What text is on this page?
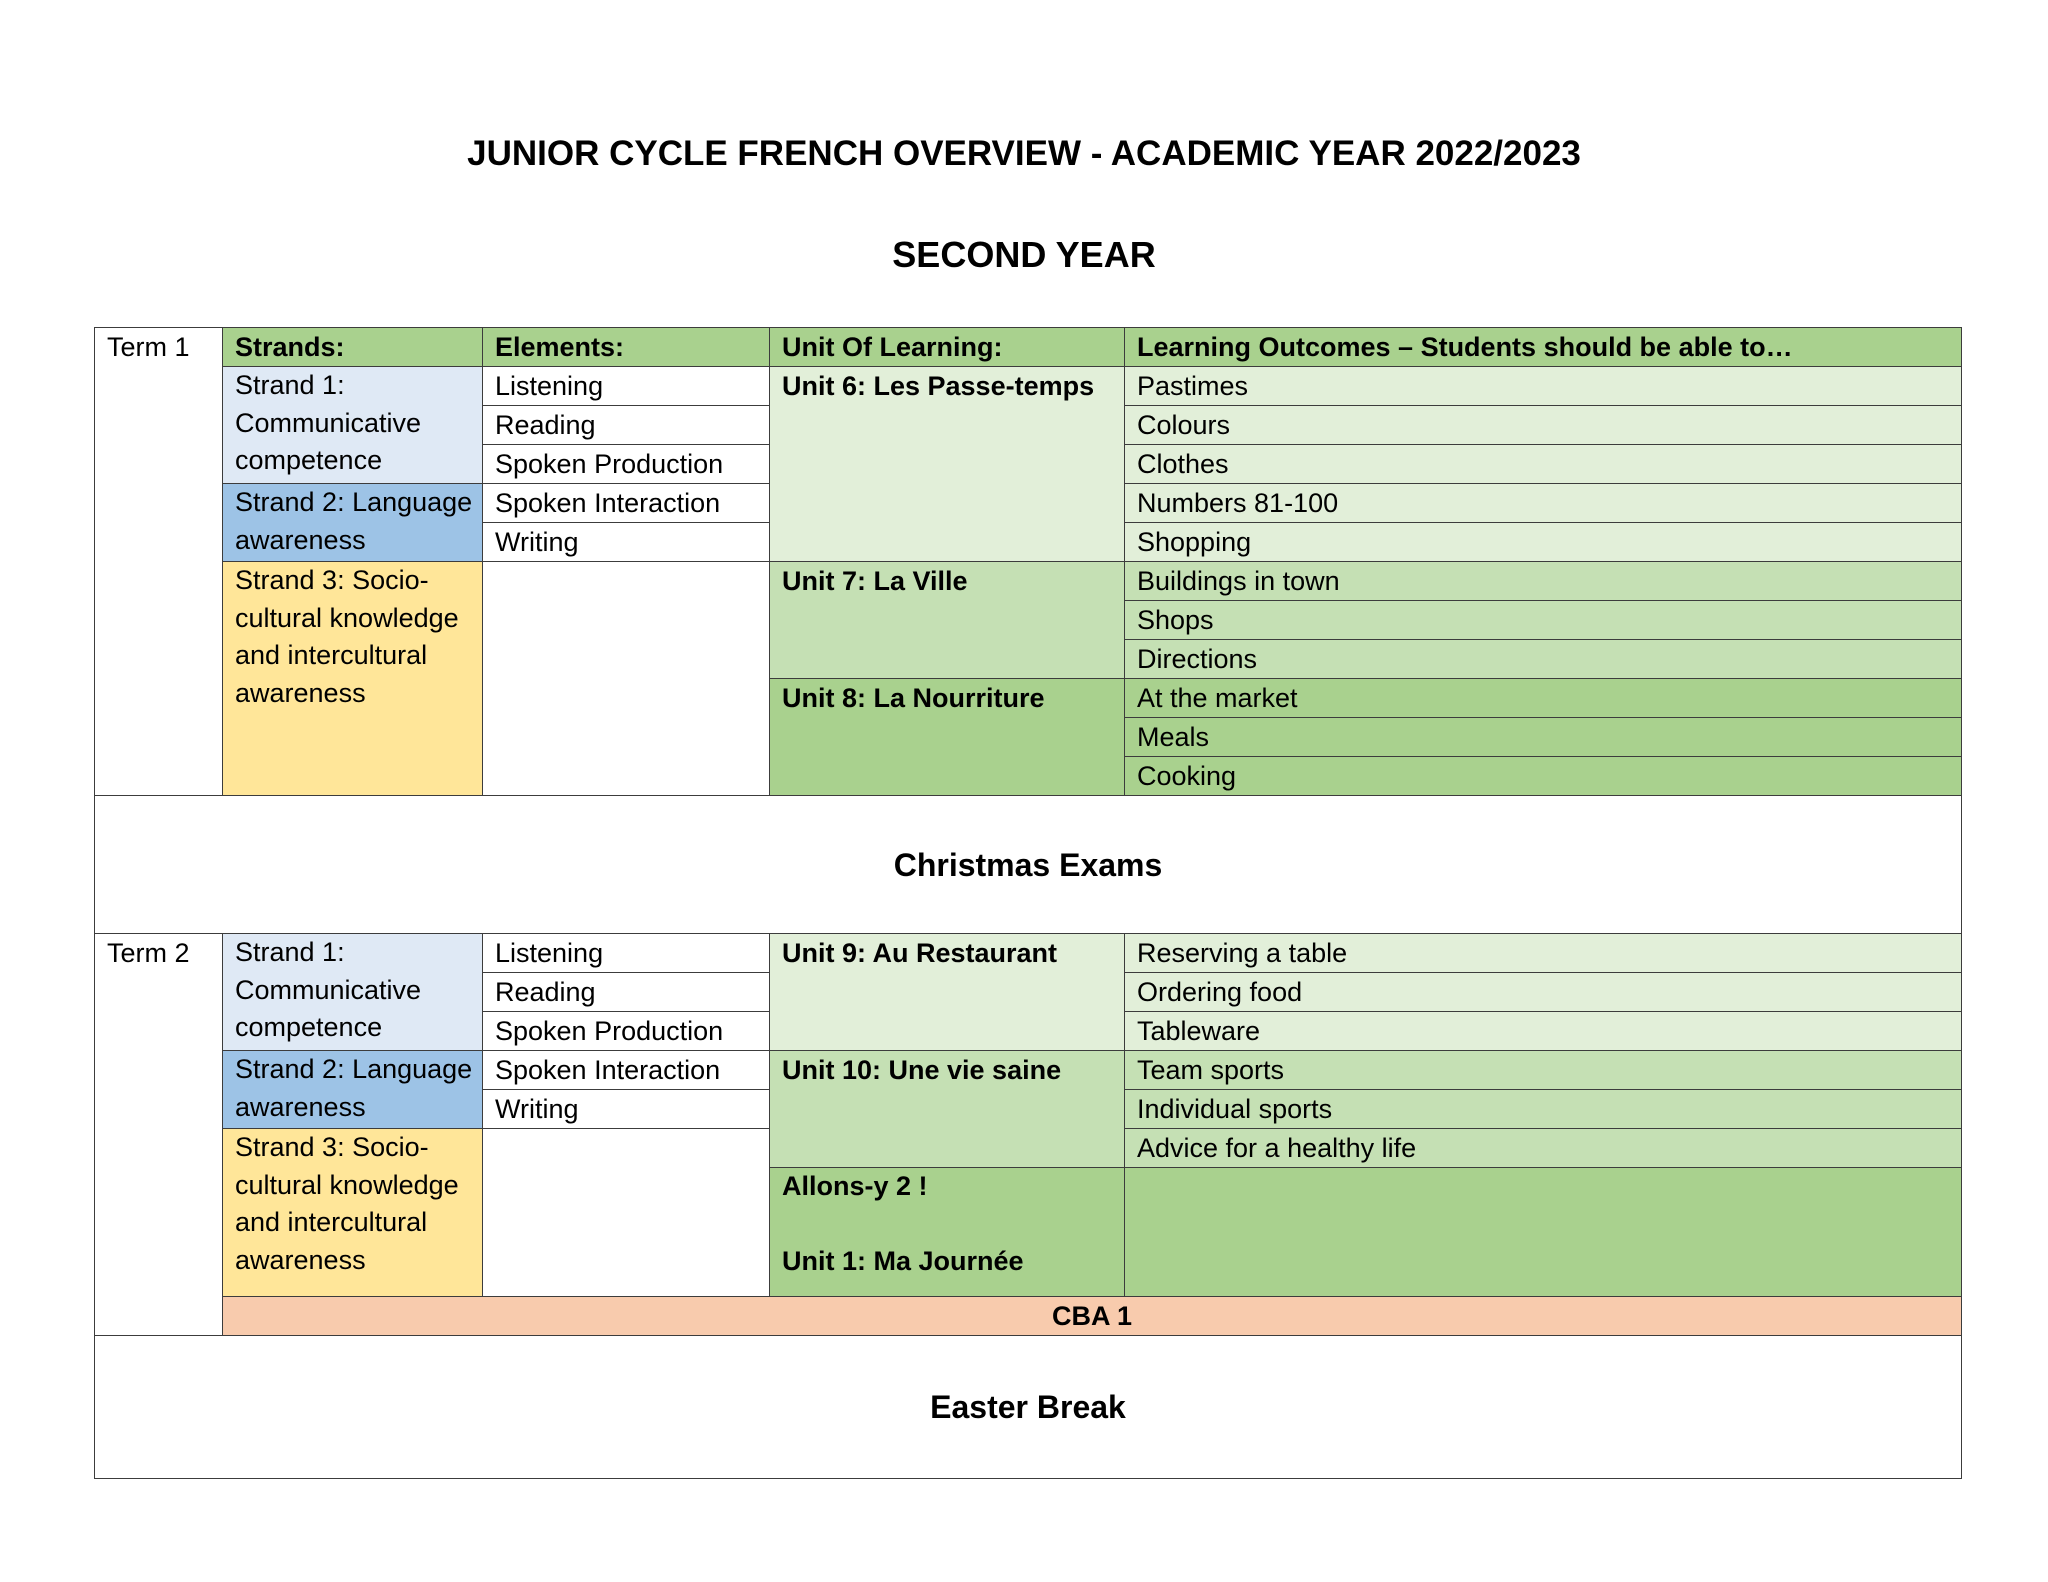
JUNIOR CYCLE FRENCH OVERVIEW - ACADEMIC YEAR 2022/2023
SECOND YEAR
Term 1	Strands:	Elements:	Unit Of Learning:	Learning Outcomes – Students should be able to…
	Strand 1: Communicative competence	Listening	Unit 6: Les Passe-temps	Pastimes
		Reading		Colours
		Spoken Production		Clothes
	Strand 2: Language awareness	Spoken Interaction		Numbers 81-100
		Writing		Shopping
	Strand 3: Socio-cultural knowledge and intercultural awareness		Unit 7: La Ville	Buildings in town
				Shops
				Directions
			Unit 8: La Nourriture	At the market
				Meals
				Cooking
Christmas Exams				
Term 2	Strand 1: Communicative competence	Listening	Unit 9: Au Restaurant	Reserving a table
		Reading		Ordering food
		Spoken Production		Tableware
	Strand 2: Language awareness	Spoken Interaction	Unit 10: Une vie saine	Team sports
		Writing		Individual sports
	Strand 3: Socio-cultural knowledge and intercultural awareness			Advice for a healthy life

			Allons-y 2 !
Unit 1: Ma Journée	

	CBA 1			
Easter Break				
